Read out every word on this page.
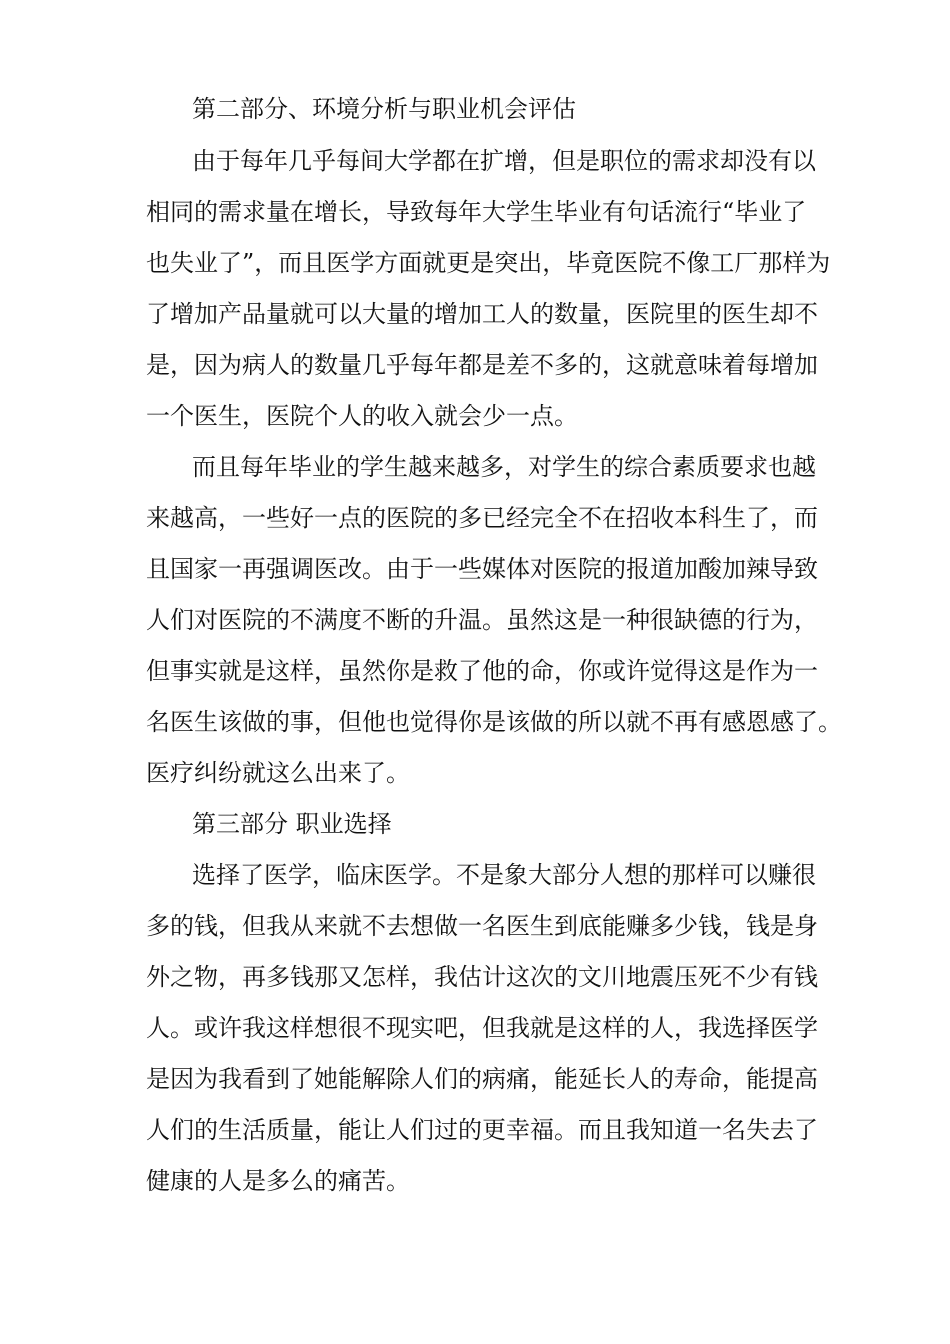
第二部分、环境分析与职业机会评估
由于每年几乎每间大学都在扩增，但是职位的需求却没有以
相同的需求量在增长，导致每年大学生毕业有句话流行“毕业了
也失业了”，而且医学方面就更是突出，毕竟医院不像工厂那样为
了增加产品量就可以大量的增加工人的数量，医院里的医生却不
是，因为病人的数量几乎每年都是差不多的，这就意味着每增加
一个医生，医院个人的收入就会少一点。
而且每年毕业的学生越来越多，对学生的综合素质要求也越
来越高，一些好一点的医院的多已经完全不在招收本科生了，而
且国家一再强调医改。由于一些媒体对医院的报道加酸加辣导致
人们对医院的不满度不断的升温。虽然这是一种很缺德的行为，
但事实就是这样，虽然你是救了他的命，你或许觉得这是作为一
名医生该做的事，但他也觉得你是该做的所以就不再有感恩感了。
医疗纠纷就这么出来了。
第三部分 职业选择
选择了医学，临床医学。不是象大部分人想的那样可以赚很
多的钱，但我从来就不去想做一名医生到底能赚多少钱，钱是身
外之物，再多钱那又怎样，我估计这次的文川地震压死不少有钱
人。或许我这样想很不现实吧，但我就是这样的人，我选择医学
是因为我看到了她能解除人们的病痛，能延长人的寿命，能提高
人们的生活质量，能让人们过的更幸福。而且我知道一名失去了
健康的人是多么的痛苦。
